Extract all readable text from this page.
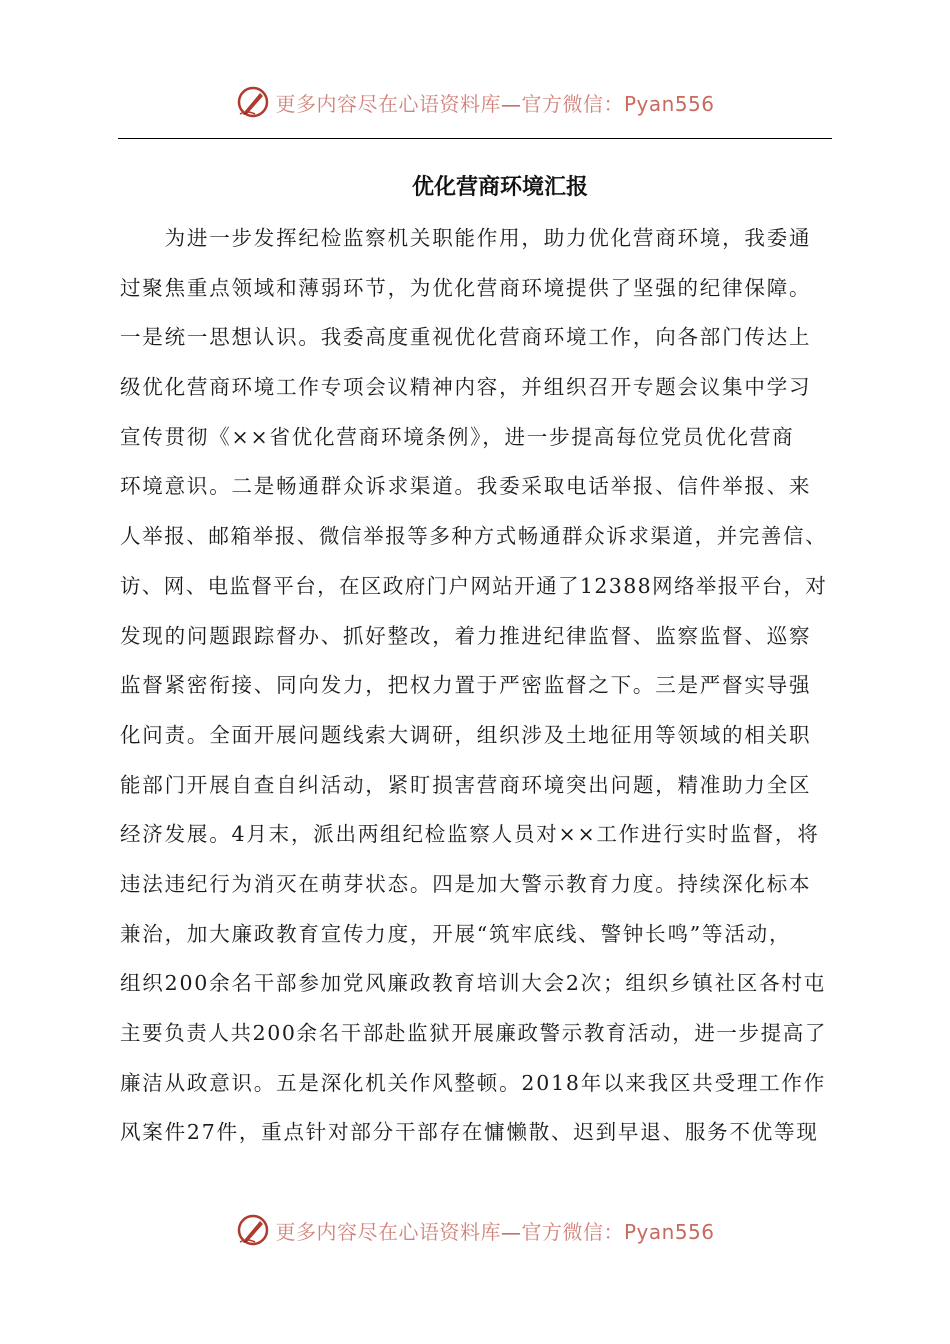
更多内容尽在心语资料库—官方微信：Pyan556
优化营商环境汇报
　　为进一步发挥纪检监察机关职能作用，助力优化营商环境，我委通
过聚焦重点领域和薄弱环节，为优化营商环境提供了坚强的纪律保障。
一是统一思想认识。我委高度重视优化营商环境工作，向各部门传达上
级优化营商环境工作专项会议精神内容，并组织召开专题会议集中学习
宣传贯彻《××省优化营商环境条例》，进一步提高每位党员优化营商
环境意识。二是畅通群众诉求渠道。我委采取电话举报、信件举报、来
人举报、邮箱举报、微信举报等多种方式畅通群众诉求渠道，并完善信、
访、网、电监督平台，在区政府门户网站开通了12388网络举报平台，对
发现的问题跟踪督办、抓好整改，着力推进纪律监督、监察监督、巡察
监督紧密衔接、同向发力，把权力置于严密监督之下。三是严督实导强
化问责。全面开展问题线索大调研，组织涉及土地征用等领域的相关职
能部门开展自查自纠活动，紧盯损害营商环境突出问题，精准助力全区
经济发展。4月末，派出两组纪检监察人员对××工作进行实时监督，将
违法违纪行为消灭在萌芽状态。四是加大警示教育力度。持续深化标本
兼治，加大廉政教育宣传力度，开展“筑牢底线、警钟长鸣”等活动，
组织200余名干部参加党风廉政教育培训大会2次；组织乡镇社区各村屯
主要负责人共200余名干部赴监狱开展廉政警示教育活动，进一步提高了
廉洁从政意识。五是深化机关作风整顿。2018年以来我区共受理工作作
风案件27件，重点针对部分干部存在慵懒散、迟到早退、服务不优等现
更多内容尽在心语资料库—官方微信：Pyan556
